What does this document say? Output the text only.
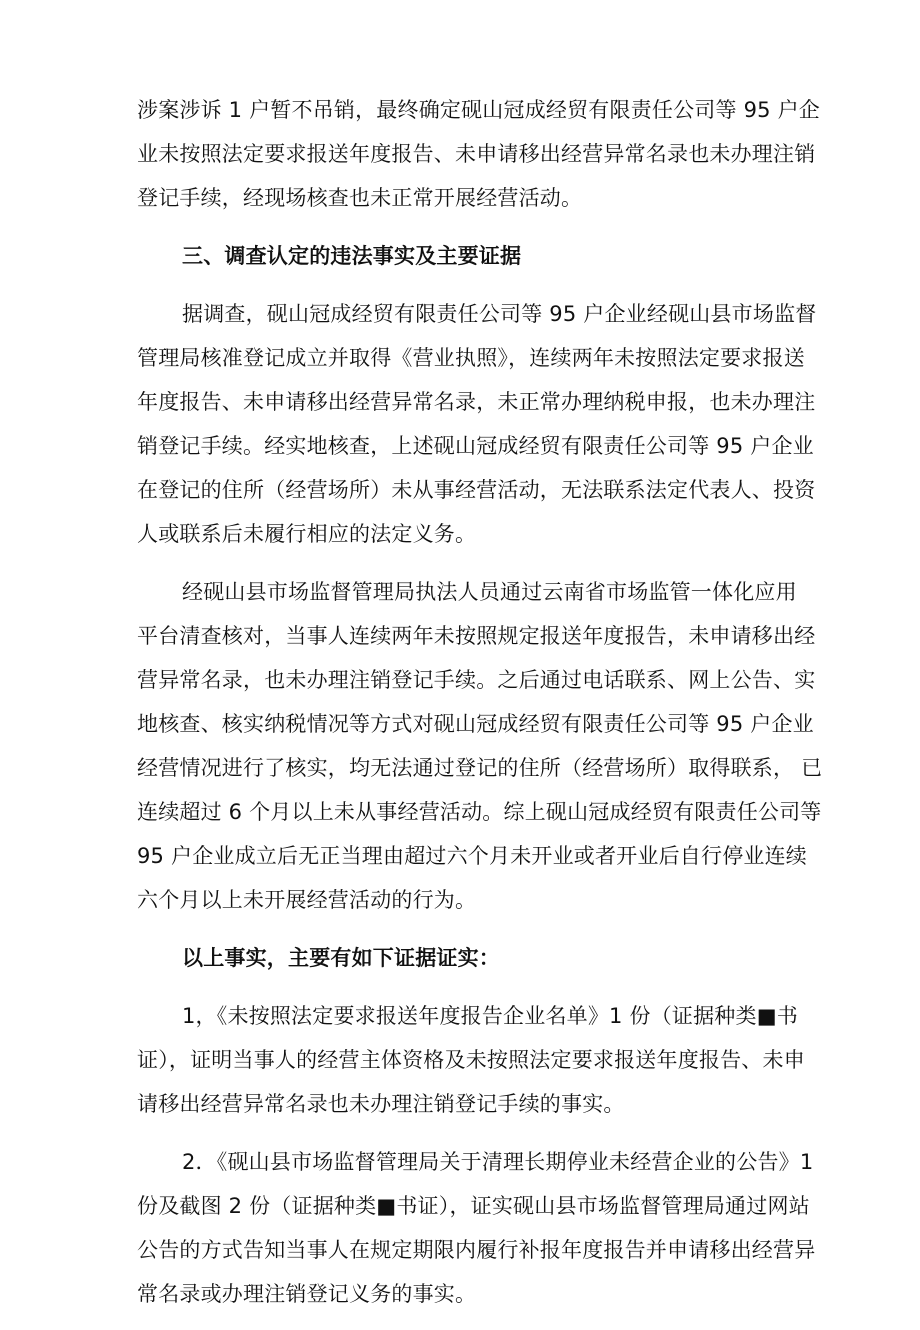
涉案涉诉 1 户暂不吊销，最终确定砚山冠成经贸有限责任公司等 95 户企
业未按照法定要求报送年度报告、未申请移出经营异常名录也未办理注销
登记手续，经现场核查也未正常开展经营活动。
三、调查认定的违法事实及主要证据
据调查，砚山冠成经贸有限责任公司等 95 户企业经砚山县市场监督
管理局核准登记成立并取得《营业执照》，连续两年未按照法定要求报送
年度报告、未申请移出经营异常名录，未正常办理纳税申报，也未办理注
销登记手续。经实地核查，上述砚山冠成经贸有限责任公司等 95 户企业
在登记的住所（经营场所）未从事经营活动，无法联系法定代表人、投资
人或联系后未履行相应的法定义务。
经砚山县市场监督管理局执法人员通过云南省市场监管一体化应用
平台清查核对，当事人连续两年未按照规定报送年度报告，未申请移出经
营异常名录，也未办理注销登记手续。之后通过电话联系、网上公告、实
地核查、核实纳税情况等方式对砚山冠成经贸有限责任公司等 95 户企业
经营情况进行了核实，均无法通过登记的住所（经营场所）取得联系， 已
连续超过 6 个月以上未从事经营活动。综上砚山冠成经贸有限责任公司等
95 户企业成立后无正当理由超过六个月未开业或者开业后自行停业连续
六个月以上未开展经营活动的行为。
以上事实，主要有如下证据证实：
1，《未按照法定要求报送年度报告企业名单》1 份（证据种类■书
证），证明当事人的经营主体资格及未按照法定要求报送年度报告、未申
请移出经营异常名录也未办理注销登记手续的事实。
2．《砚山县市场监督管理局关于清理长期停业未经营企业的公告》1
份及截图 2 份（证据种类■书证），证实砚山县市场监督管理局通过网站
公告的方式告知当事人在规定期限内履行补报年度报告并申请移出经营异
常名录或办理注销登记义务的事实。
